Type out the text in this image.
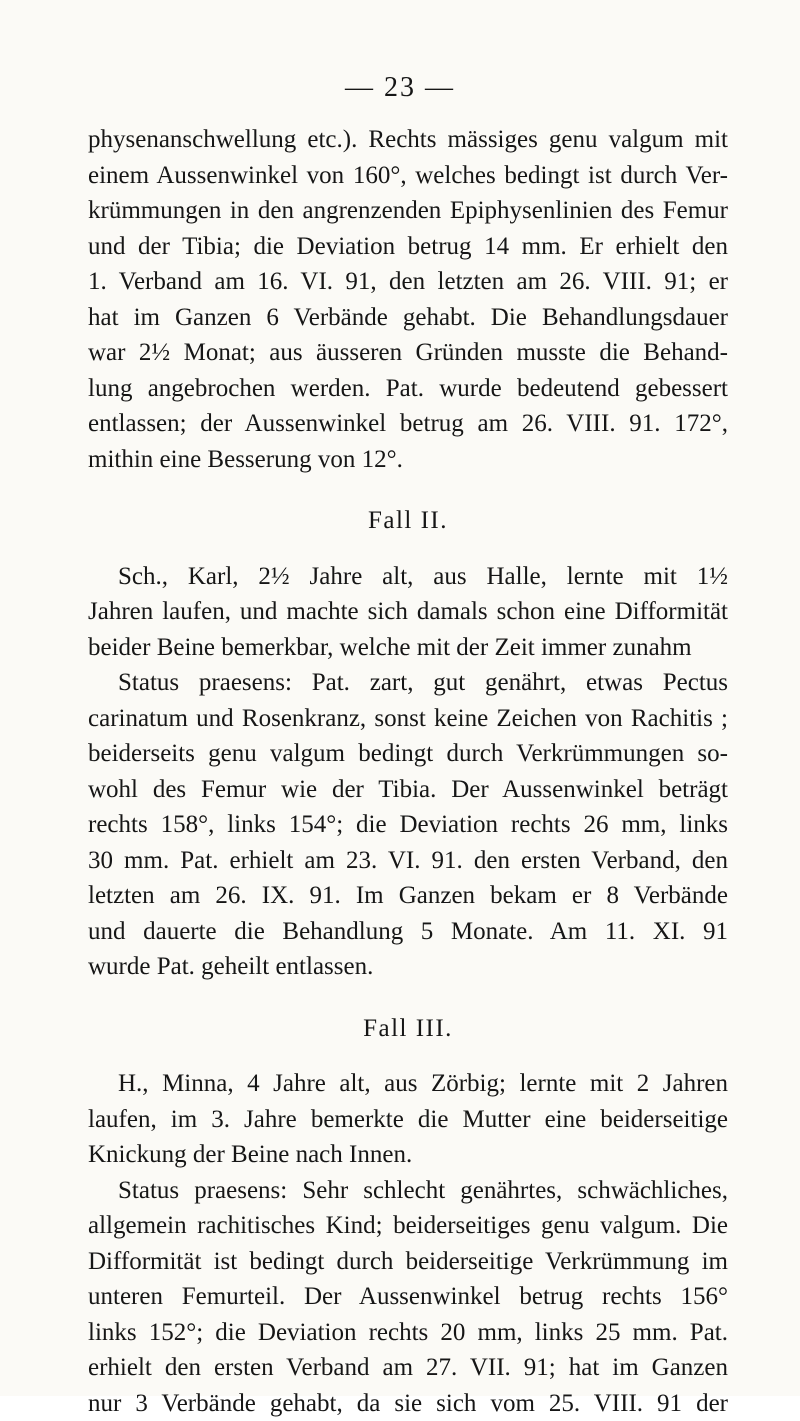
— 23 —
physenanschwellung etc.). Rechts mässiges genu valgum mit
einem Aussenwinkel von 160°, welches bedingt ist durch Ver-
krümmungen in den angrenzenden Epiphysenlinien des Femur
und der Tibia; die Deviation betrug 14 mm. Er erhielt den
1. Verband am 16. VI. 91, den letzten am 26. VIII. 91; er
hat im Ganzen 6 Verbände gehabt. Die Behandlungsdauer
war 2½ Monat; aus äusseren Gründen musste die Behand-
lung angebrochen werden. Pat. wurde bedeutend gebessert
entlassen; der Aussenwinkel betrug am 26. VIII. 91. 172°,
mithin eine Besserung von 12°.
Fall II.
Sch., Karl, 2½ Jahre alt, aus Halle, lernte mit 1½
Jahren laufen, und machte sich damals schon eine Difformität
beider Beine bemerkbar, welche mit der Zeit immer zunahm
Status praesens: Pat. zart, gut genährt, etwas Pectus
carinatum und Rosenkranz, sonst keine Zeichen von Rachitis ;
beiderseits genu valgum bedingt durch Verkrümmungen so-
wohl des Femur wie der Tibia. Der Aussenwinkel beträgt
rechts 158°, links 154°; die Deviation rechts 26 mm, links
30 mm. Pat. erhielt am 23. VI. 91. den ersten Verband, den
letzten am 26. IX. 91. Im Ganzen bekam er 8 Verbände
und dauerte die Behandlung 5 Monate. Am 11. XI. 91
wurde Pat. geheilt entlassen.
Fall III.
H., Minna, 4 Jahre alt, aus Zörbig; lernte mit 2 Jahren
laufen, im 3. Jahre bemerkte die Mutter eine beiderseitige
Knickung der Beine nach Innen.
Status praesens: Sehr schlecht genährtes, schwächliches,
allgemein rachitisches Kind; beiderseitiges genu valgum. Die
Difformität ist bedingt durch beiderseitige Verkrümmung im
unteren Femurteil. Der Aussenwinkel betrug rechts 156°
links 152°; die Deviation rechts 20 mm, links 25 mm. Pat.
erhielt den ersten Verband am 27. VII. 91; hat im Ganzen
nur 3 Verbände gehabt, da sie sich vom 25. VIII. 91 der
